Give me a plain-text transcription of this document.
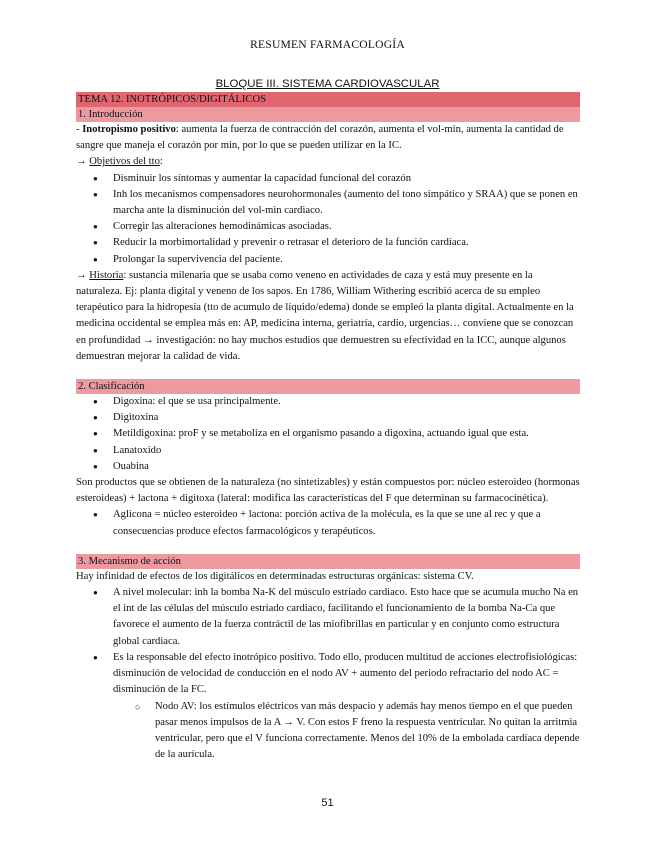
RESUMEN FARMACOLOGÍA
BLOQUE III. SISTEMA CARDIOVASCULAR
TEMA 12. INOTRÓPICOS/DIGITÁLICOS
1. Introducción

- Inotropismo positivo: aumenta la fuerza de contracción del corazón, aumenta el vol-min, aumenta la cantidad de sangre que maneja el corazón por min, por lo que se pueden utilizar en la IC.

→ Objetivos del tto:

● Disminuir los síntomas y aumentar la capacidad funcional del corazón
● Inh los mecanismos compensadores neurohormonales (aumento del tono simpático y SRAA) que se ponen en marcha ante la disminución del vol-min cardiaco.
● Corregir las alteraciones hemodinámicas asociadas.
● Reducir la morbimortalidad y prevenir o retrasar el deterioro de la función cardíaca.
● Prolongar la supervivencia del paciente.

→ Historia: sustancia milenaria que se usaba como veneno en actividades de caza y está muy presente en la naturaleza. Ej: planta digital y veneno de los sapos. En 1786, William Withering escribió acerca de su empleo terapéutico para la hidropesía (tto de acumulo de líquido/edema) donde se empleó la planta digital. Actualmente en la medicina occidental se emplea más en: AP, medicina interna, geriatría, cardio, urgencias… conviene que se conozcan en profundidad → investigación: no hay muchos estudios que demuestren su efectividad en la ICC, aunque algunos demuestran mejorar la calidad de vida.

2. Clasificación
● Digoxina: el que se usa principalmente.
● Digitoxina
● Metildigoxina: proF y se metaboliza en el organismo pasando a digoxina, actuando igual que esta.
● Lanatoxido
● Ouabina

Son productos que se obtienen de la naturaleza (no sintetizables) y están compuestos por: núcleo esteroideo (hormonas esteroideas) + lactona + digitoxa (lateral: modifica las características del F que determinan su farmacocinética).

● Aglicona = núcleo esteroideo + lactona: porción activa de la molécula, es la que se une al rec y que a consecuencias produce efectos farmacológicos y terapéuticos.
3. Mecanismo de acción

Hay infinidad de efectos de los digitálicos en determinadas estructuras orgánicas: sistema CV.

● A nivel molecular: inh la bomba Na-K del músculo estriado cardiaco. Esto hace que se acumula mucho Na en el int de las células del músculo estriado cardiaco, facilitando el funcionamiento de la bomba Na-Ca que favorece el aumento de la fuerza contráctil de las miofibrillas en particular y en conjunto como estructura global cardiaca.
● Es la responsable del efecto inotrópico positivo. Todo ello, producen multitud de acciones electrofisiológicas: disminución de velocidad de conducción en el nodo AV + aumento del periodo refractario del nodo AC = disminución de la FC.
○ Nodo AV: los estímulos eléctricos van más despacio y además hay menos tiempo en el que pueden pasar menos impulsos de la A → V. Con estos F freno la respuesta ventricular. No quitan la arritmia ventricular, pero que el V funciona correctamente. Menos del 10% de la embolada cardíaca depende de la aurícula.
51
